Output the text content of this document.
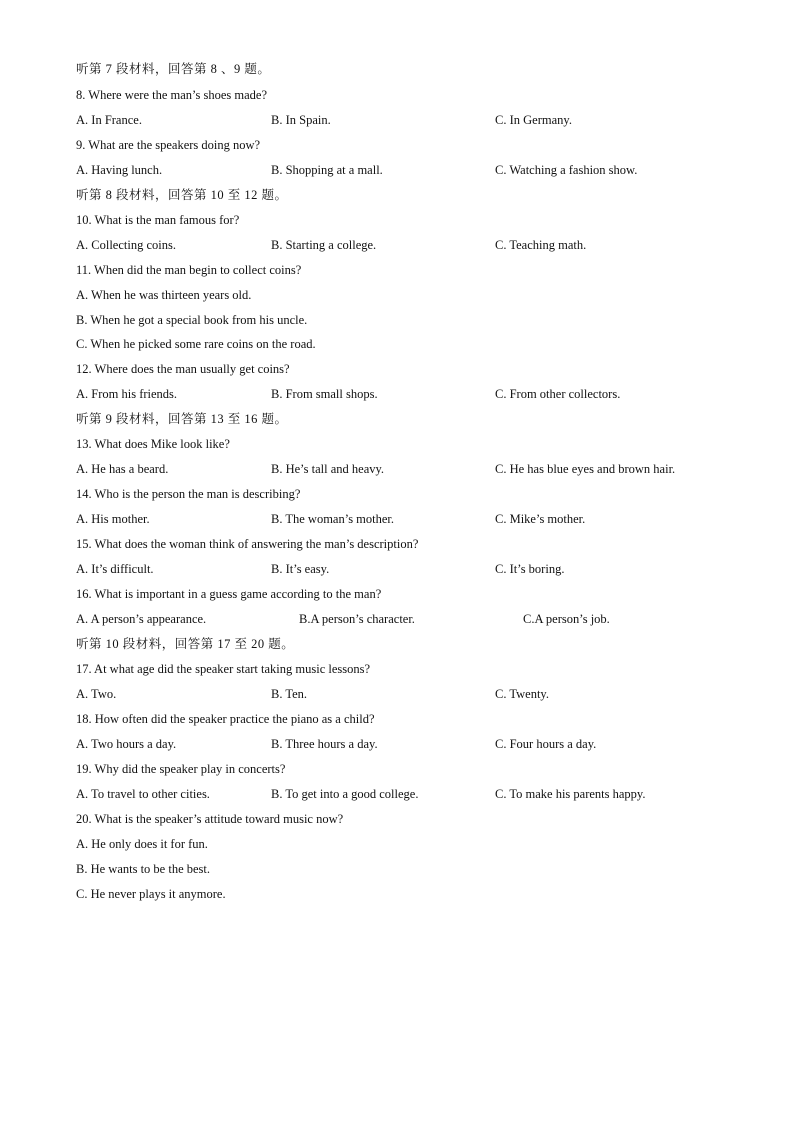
听第 7 段材料，回答第 8 、9 题。
8. Where were the man’s shoes made?
A. In France.	B. In Spain.	C. In Germany.
9. What are the speakers doing now?
A. Having lunch.	B. Shopping at a mall.	C. Watching a fashion show.
听第 8 段材料，回答第 10 至 12 题。
10. What is the man famous for?
A. Collecting coins.	B. Starting a college.	C. Teaching math.
11. When did the man begin to collect coins?
A. When he was thirteen years old.
B. When he got a special book from his uncle.
C. When he picked some rare coins on the road.
12. Where does the man usually get coins?
A. From his friends.	B. From small shops.	C. From other collectors.
听第 9 段材料，回答第 13 至 16 题。
13. What does Mike look like?
A. He has a beard.	B. He’s tall and heavy.	C. He has blue eyes and brown hair.
14. Who is the person the man is describing?
A. His mother.	B. The woman’s mother.	C. Mike’s mother.
15. What does the woman think of answering the man’s description?
A. It’s difficult.	B. It’s easy.	C. It’s boring.
16. What is important in a guess game according to the man?
A. A person’s appearance.	B.A person’s character.	C.A person’s job.
听第 10 段材料，回答第 17 至 20 题。
17. At what age did the speaker start taking music lessons?
A. Two.	B. Ten.	C. Twenty.
18. How often did the speaker practice the piano as a child?
A. Two hours a day.	B. Three hours a day.	C. Four hours a day.
19. Why did the speaker play in concerts?
A. To travel to other cities.	B. To get into a good college.	C. To make his parents happy.
20. What is the speaker’s attitude toward music now?
A. He only does it for fun.
B. He wants to be the best.
C. He never plays it anymore.
